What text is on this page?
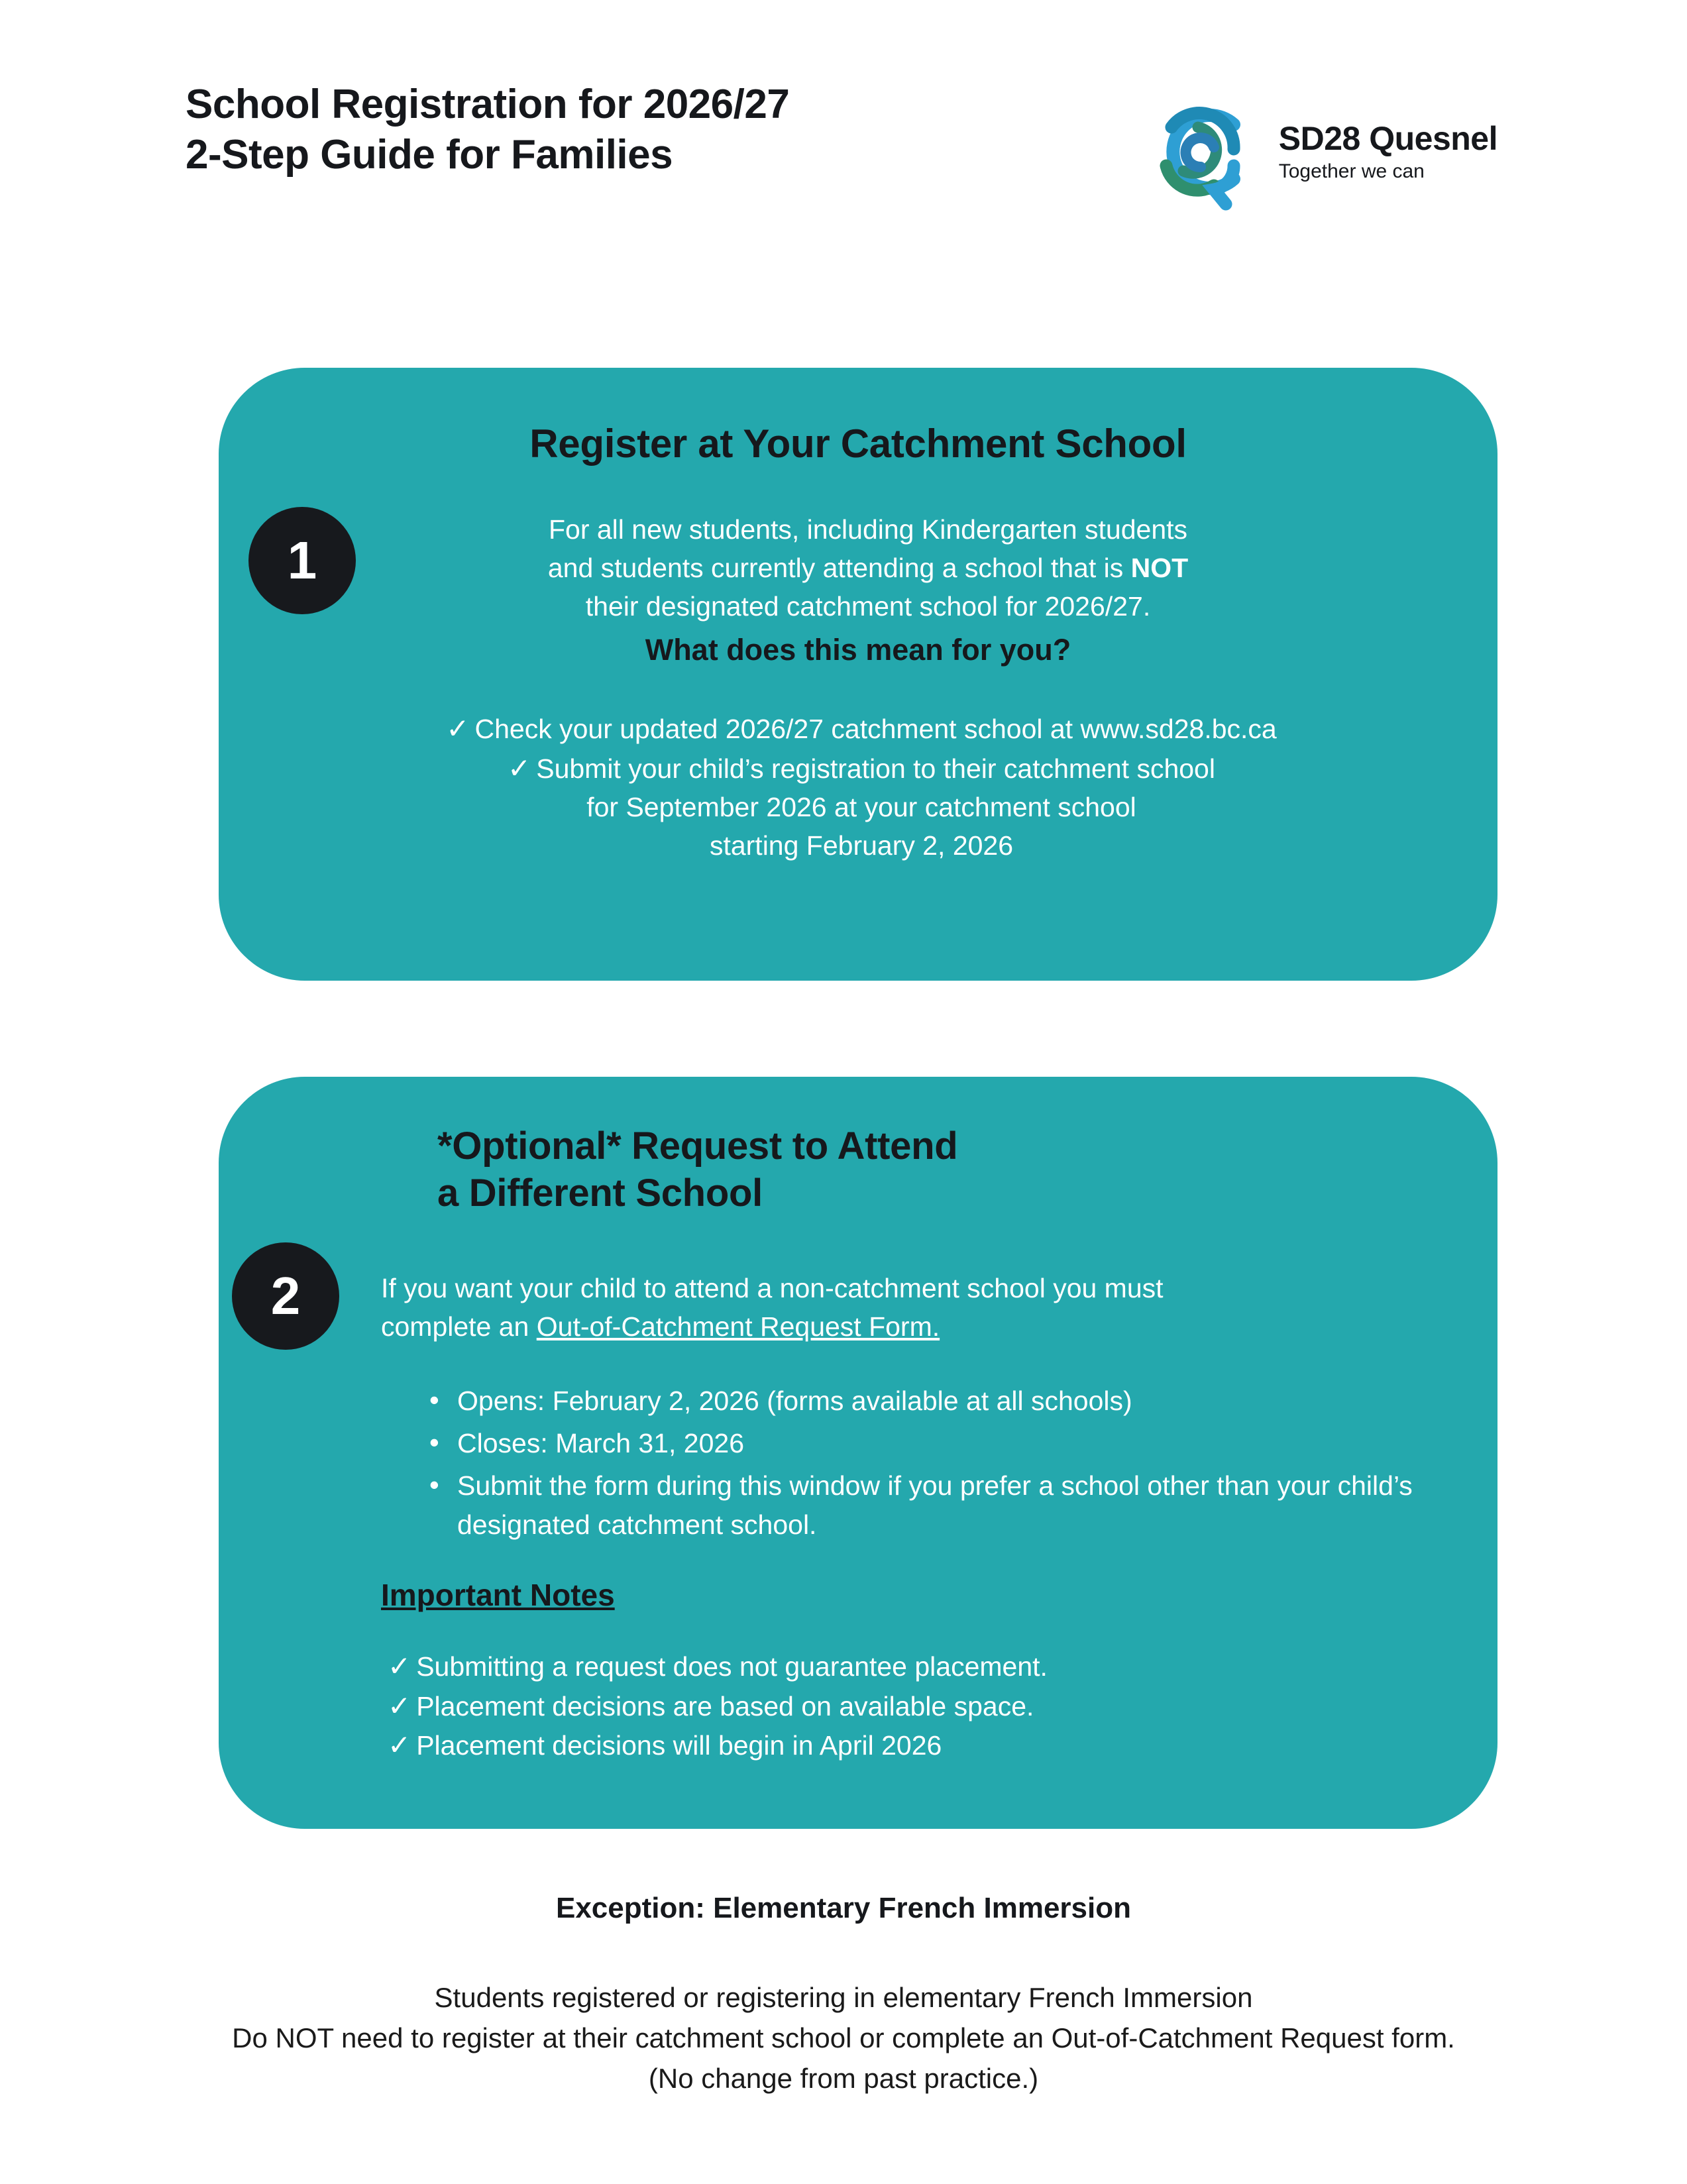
School Registration for 2026/27
2-Step Guide for Families	SD28 Quesnel
Together we can
Register at Your Catchment School
For all new students, including Kindergarten students
and students currently attending a school that is NOT
their designated catchment school for 2026/27.
What does this mean for you?
✓ Check your updated 2026/27 catchment school at www.sd28.bc.ca
✓ Submit your child’s registration to their catchment school
for September 2026 at your catchment school
starting February 2, 2026
1
*Optional* Request to Attend
a Different School
If you want your child to attend a non-catchment school you must
complete an Out-of-Catchment Request Form.
• Opens: February 2, 2026 (forms available at all schools)
• Closes: March 31, 2026
• Submit the form during this window if you prefer a school other than your child’s designated catchment school.
Important Notes
✓ Submitting a request does not guarantee placement.
✓ Placement decisions are based on available space.
✓ Placement decisions will begin in April 2026
2
Exception: Elementary French Immersion
Students registered or registering in elementary French Immersion
Do NOT need to register at their catchment school or complete an Out-of-Catchment Request form.
(No change from past practice.)
